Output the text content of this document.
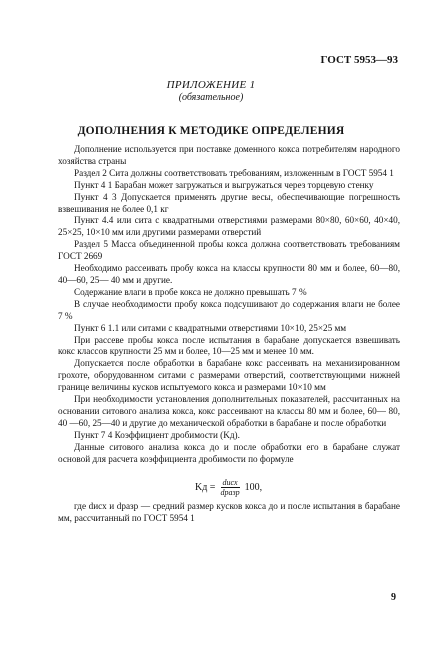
ГОСТ 5953—93
ПРИЛОЖЕНИЕ 1
(обязательное)
ДОПОЛНЕНИЯ К МЕТОДИКЕ ОПРЕДЕЛЕНИЯ

Дополнение используется при поставке доменного кокса потребителям народного хозяйства страны

Раздел 2 Сита должны соответствовать требованиям, изложенным в ГОСТ 5954 1

Пункт 4 1 Барабан может загружаться и выгружаться через торцевую стенку

Пункт 4 3 Допускается применять другие весы, обеспечивающие погрешность взвешивания не более 0,1 кг

Пункт 4.4 или сита с квадратными отверстиями размерами 80×80, 60×60, 40×40, 25×25, 10×10 мм или другими размерами отверстий

Раздел 5 Масса объединенной пробы кокса должна соответствовать требованиям ГОСТ 2669

Необходимо рассеивать пробу кокса на классы крупности 80 мм и более, 60—80, 40—60, 25— 40 мм и другие.

Содержание влаги в пробе кокса не должно превышать 7 %

В случае необходимости пробу кокса подсушивают до содержания влаги не более 7 %

Пункт 6 1.1 или ситами с квадратными отверстиями 10×10, 25×25 мм

При рассеве пробы кокса после испытания в барабане допускается взвешивать кокс классов крупности 25 мм и более, 10—25 мм и менее 10 мм.

Допускается после обработки в барабане кокс рассеивать на механизированном грохоте, оборудованном ситами с размерами отверстий, соответствующими нижней границе величины кусков испытуемого кокса и размерами 10×10 мм

При необходимости установления дополнительных показателей, рассчитанных на основании ситового анализа кокса, кокс рассеивают на классы 80 мм и более, 60— 80, 40 —60, 25—40 и другие до механической обработки в барабане и после обработки

Пункт 7 4 Коэффициент дробимости (Kд).

Данные ситового анализа кокса до и после обработки его в барабане служат основой для расчета коэффициента дробимости по формуле

Kд = $\frac{\text{dисх}}{\text{dразр}} 100$,

где dисх и dразр — средний размер кусков кокса до и после испытания в барабане мм, рассчитанный по ГОСТ 5954 1

9
